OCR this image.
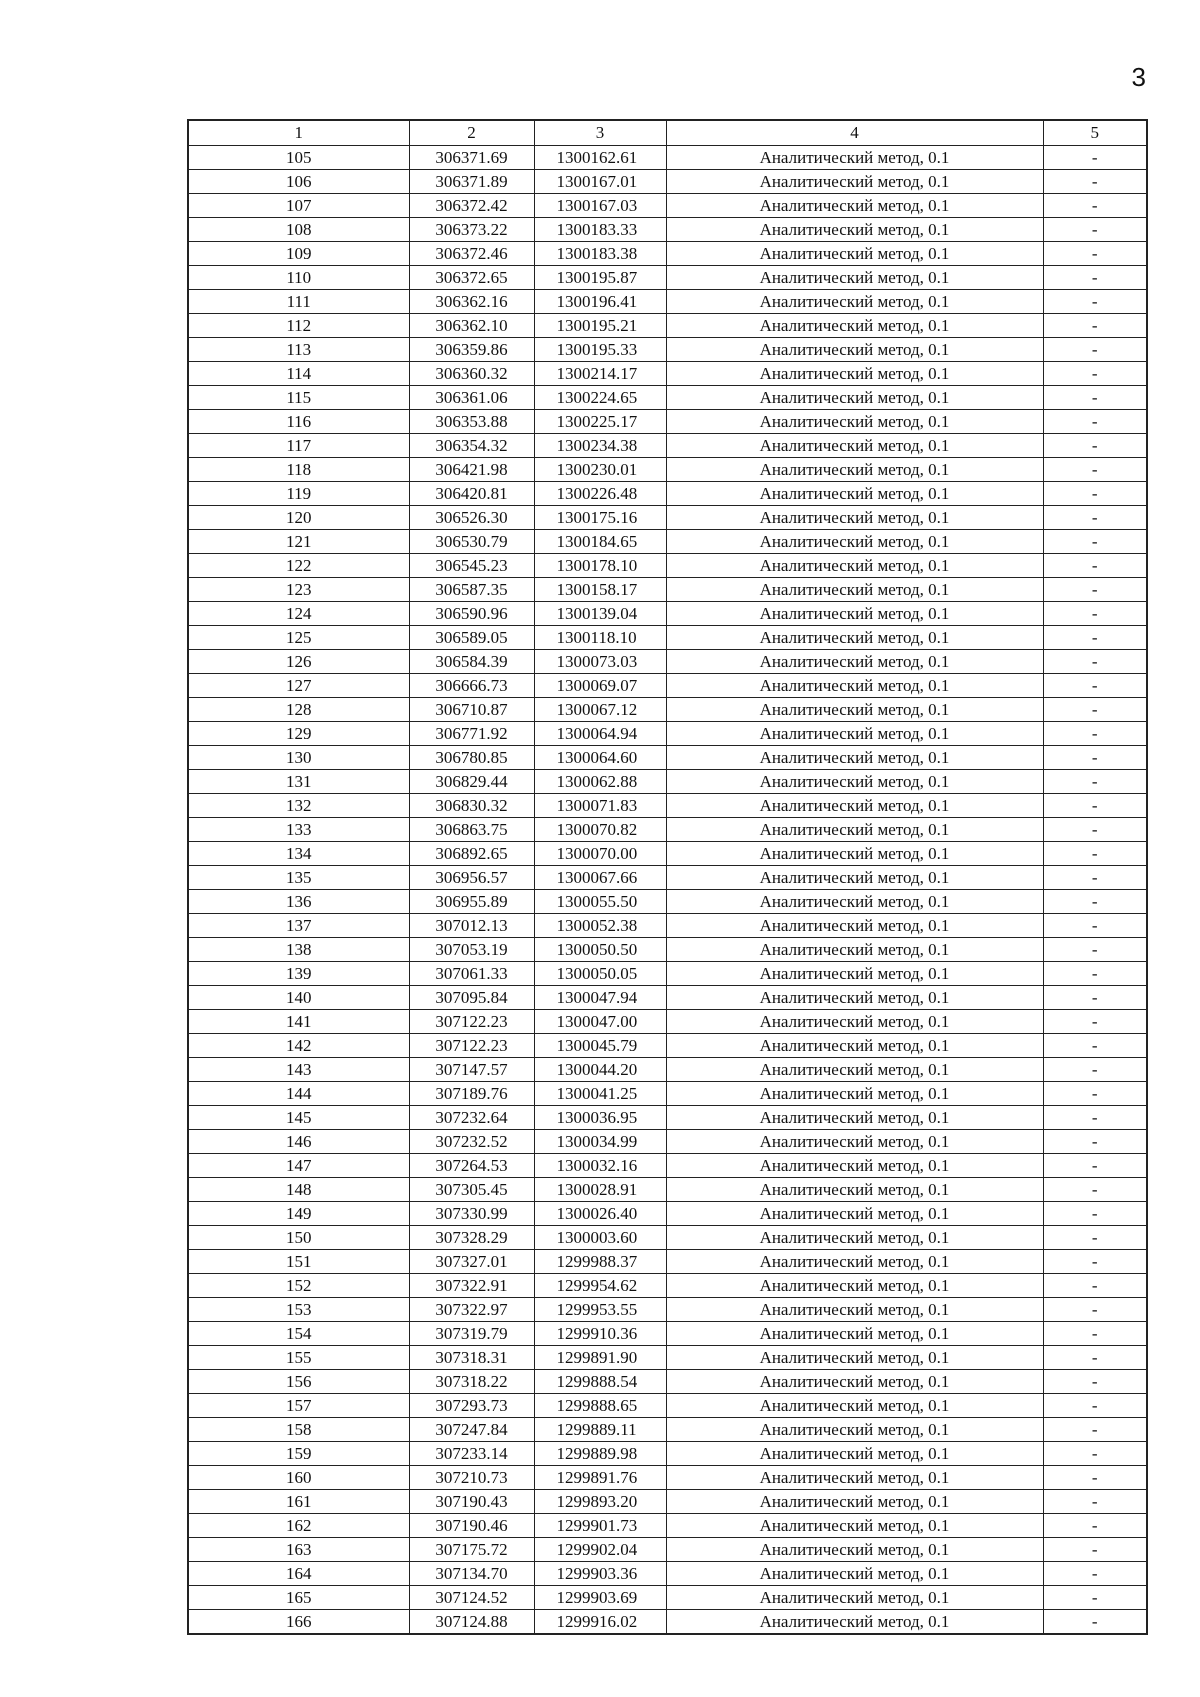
3
1	2	3	4	5
105	306371.69	1300162.61	Аналитический метод, 0.1	-
106	306371.89	1300167.01	Аналитический метод, 0.1	-
107	306372.42	1300167.03	Аналитический метод, 0.1	-
108	306373.22	1300183.33	Аналитический метод, 0.1	-
109	306372.46	1300183.38	Аналитический метод, 0.1	-
110	306372.65	1300195.87	Аналитический метод, 0.1	-
111	306362.16	1300196.41	Аналитический метод, 0.1	-
112	306362.10	1300195.21	Аналитический метод, 0.1	-
113	306359.86	1300195.33	Аналитический метод, 0.1	-
114	306360.32	1300214.17	Аналитический метод, 0.1	-
115	306361.06	1300224.65	Аналитический метод, 0.1	-
116	306353.88	1300225.17	Аналитический метод, 0.1	-
117	306354.32	1300234.38	Аналитический метод, 0.1	-
118	306421.98	1300230.01	Аналитический метод, 0.1	-
119	306420.81	1300226.48	Аналитический метод, 0.1	-
120	306526.30	1300175.16	Аналитический метод, 0.1	-
121	306530.79	1300184.65	Аналитический метод, 0.1	-
122	306545.23	1300178.10	Аналитический метод, 0.1	-
123	306587.35	1300158.17	Аналитический метод, 0.1	-
124	306590.96	1300139.04	Аналитический метод, 0.1	-
125	306589.05	1300118.10	Аналитический метод, 0.1	-
126	306584.39	1300073.03	Аналитический метод, 0.1	-
127	306666.73	1300069.07	Аналитический метод, 0.1	-
128	306710.87	1300067.12	Аналитический метод, 0.1	-
129	306771.92	1300064.94	Аналитический метод, 0.1	-
130	306780.85	1300064.60	Аналитический метод, 0.1	-
131	306829.44	1300062.88	Аналитический метод, 0.1	-
132	306830.32	1300071.83	Аналитический метод, 0.1	-
133	306863.75	1300070.82	Аналитический метод, 0.1	-
134	306892.65	1300070.00	Аналитический метод, 0.1	-
135	306956.57	1300067.66	Аналитический метод, 0.1	-
136	306955.89	1300055.50	Аналитический метод, 0.1	-
137	307012.13	1300052.38	Аналитический метод, 0.1	-
138	307053.19	1300050.50	Аналитический метод, 0.1	-
139	307061.33	1300050.05	Аналитический метод, 0.1	-
140	307095.84	1300047.94	Аналитический метод, 0.1	-
141	307122.23	1300047.00	Аналитический метод, 0.1	-
142	307122.23	1300045.79	Аналитический метод, 0.1	-
143	307147.57	1300044.20	Аналитический метод, 0.1	-
144	307189.76	1300041.25	Аналитический метод, 0.1	-
145	307232.64	1300036.95	Аналитический метод, 0.1	-
146	307232.52	1300034.99	Аналитический метод, 0.1	-
147	307264.53	1300032.16	Аналитический метод, 0.1	-
148	307305.45	1300028.91	Аналитический метод, 0.1	-
149	307330.99	1300026.40	Аналитический метод, 0.1	-
150	307328.29	1300003.60	Аналитический метод, 0.1	-
151	307327.01	1299988.37	Аналитический метод, 0.1	-
152	307322.91	1299954.62	Аналитический метод, 0.1	-
153	307322.97	1299953.55	Аналитический метод, 0.1	-
154	307319.79	1299910.36	Аналитический метод, 0.1	-
155	307318.31	1299891.90	Аналитический метод, 0.1	-
156	307318.22	1299888.54	Аналитический метод, 0.1	-
157	307293.73	1299888.65	Аналитический метод, 0.1	-
158	307247.84	1299889.11	Аналитический метод, 0.1	-
159	307233.14	1299889.98	Аналитический метод, 0.1	-
160	307210.73	1299891.76	Аналитический метод, 0.1	-
161	307190.43	1299893.20	Аналитический метод, 0.1	-
162	307190.46	1299901.73	Аналитический метод, 0.1	-
163	307175.72	1299902.04	Аналитический метод, 0.1	-
164	307134.70	1299903.36	Аналитический метод, 0.1	-
165	307124.52	1299903.69	Аналитический метод, 0.1	-
166	307124.88	1299916.02	Аналитический метод, 0.1	-
